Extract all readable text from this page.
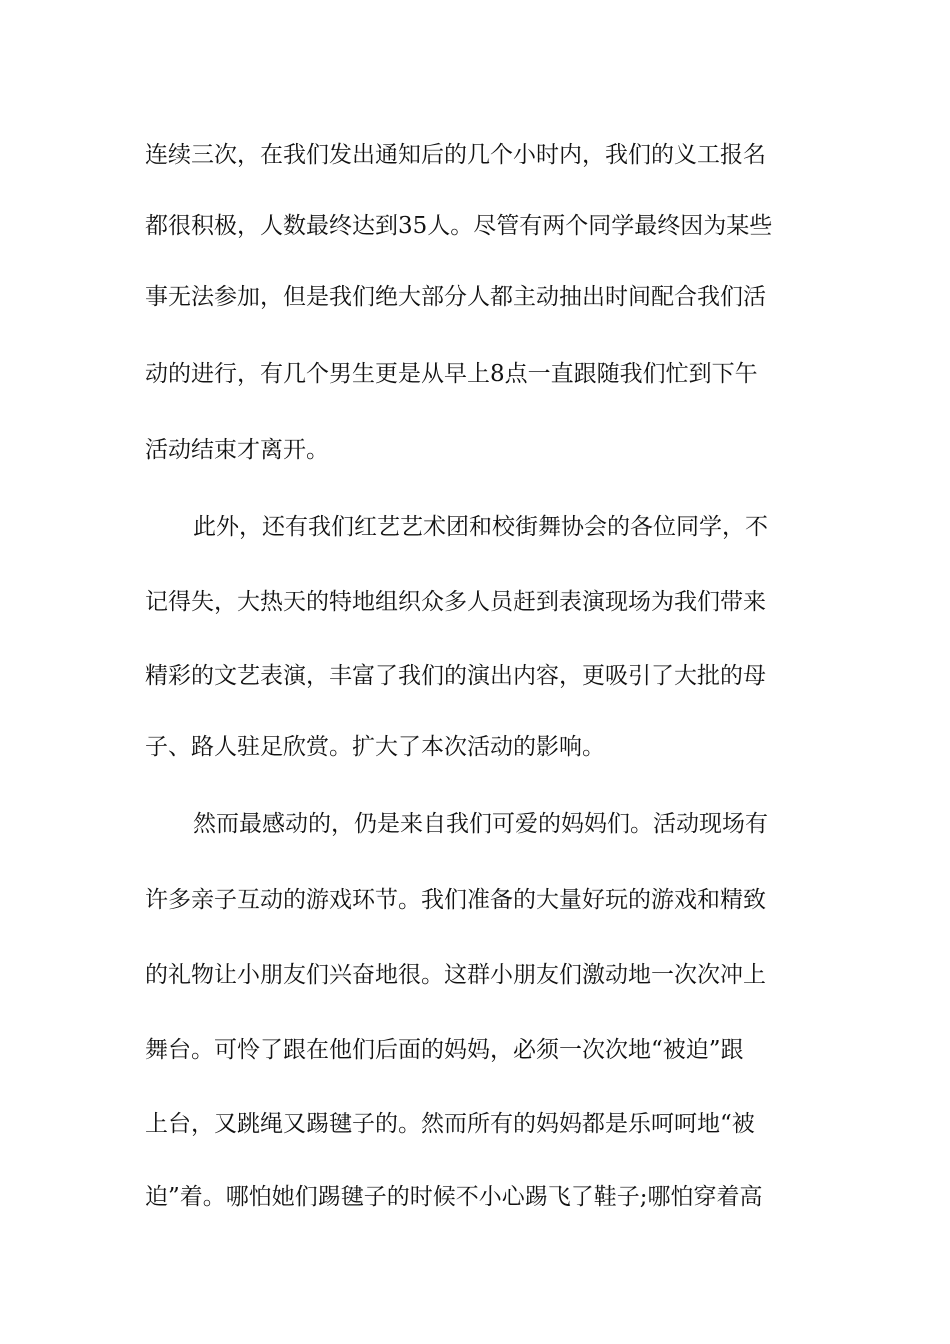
连续三次，在我们发出通知后的几个小时内，我们的义工报名
都很积极，人数最终达到35人。尽管有两个同学最终因为某些
事无法参加，但是我们绝大部分人都主动抽出时间配合我们活
动的进行，有几个男生更是从早上8点一直跟随我们忙到下午
活动结束才离开。
此外，还有我们红艺艺术团和校街舞协会的各位同学，不
记得失，大热天的特地组织众多人员赶到表演现场为我们带来
精彩的文艺表演，丰富了我们的演出内容，更吸引了大批的母
子、路人驻足欣赏。扩大了本次活动的影响。
然而最感动的，仍是来自我们可爱的妈妈们。活动现场有
许多亲子互动的游戏环节。我们准备的大量好玩的游戏和精致
的礼物让小朋友们兴奋地很。这群小朋友们激动地一次次冲上
舞台。可怜了跟在他们后面的妈妈，必须一次次地“被迫”跟
上台，又跳绳又踢毽子的。然而所有的妈妈都是乐呵呵地“被
迫”着。哪怕她们踢毽子的时候不小心踢飞了鞋子;哪怕穿着高
